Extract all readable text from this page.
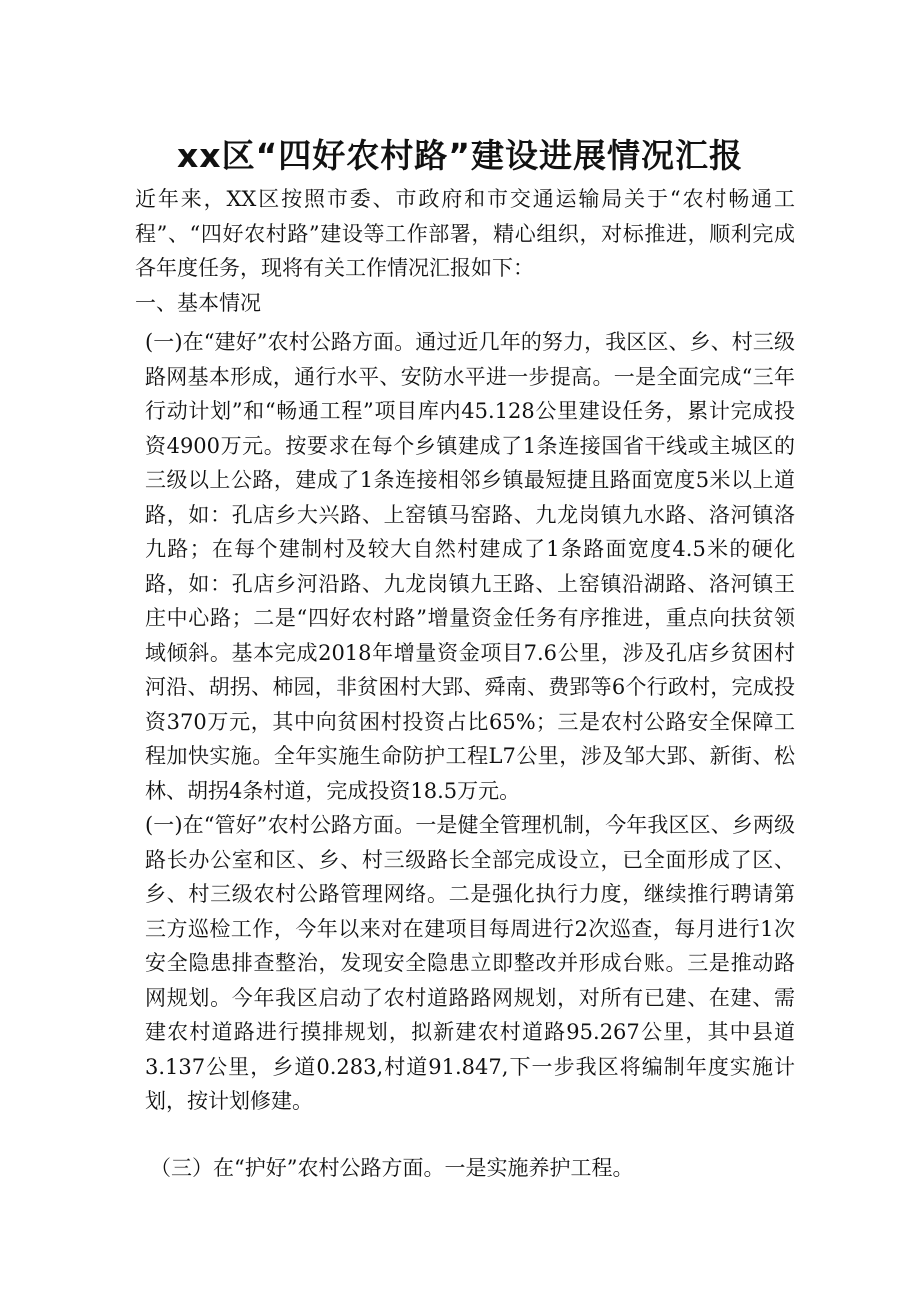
xx区“四好农村路”建设进展情况汇报

近年来，XX区按照市委、市政府和市交通运输局关于“农村畅通工程”、“四好农村路”建设等工作部署，精心组织，对标推进，顺利完成各年度任务，现将有关工作情况汇报如下：

一、基本情况

(一)在“建好”农村公路方面。通过近几年的努力，我区区、乡、村三级路网基本形成，通行水平、安防水平进一步提高。一是全面完成“三年行动计划”和“畅通工程”项目库内45.128公里建设任务，累计完成投资4900万元。按要求在每个乡镇建成了1条连接国省干线或主城区的三级以上公路，建成了1条连接相邻乡镇最短捷且路面宽度5米以上道路，如：孔店乡大兴路、上窑镇马窑路、九龙岗镇九水路、洛河镇洛九路；在每个建制村及较大自然村建成了1条路面宽度4.5米的硬化路，如：孔店乡河沿路、九龙岗镇九王路、上窑镇沿湖路、洛河镇王庄中心路；二是“四好农村路”增量资金任务有序推进，重点向扶贫领域倾斜。基本完成2018年增量资金项目7.6公里，涉及孔店乡贫困村河沿、胡拐、柿园，非贫困村大郢、舜南、费郢等6个行政村，完成投资370万元，其中向贫困村投资占比65%；三是农村公路安全保障工程加快实施。全年实施生命防护工程L7公里，涉及邹大郢、新街、松林、胡拐4条村道，完成投资18.5万元。

(一)在“管好”农村公路方面。一是健全管理机制，今年我区区、乡两级路长办公室和区、乡、村三级路长全部完成设立，已全面形成了区、乡、村三级农村公路管理网络。二是强化执行力度，继续推行聘请第三方巡检工作，今年以来对在建项目每周进行2次巡查，每月进行1次安全隐患排查整治，发现安全隐患立即整改并形成台账。三是推动路网规划。今年我区启动了农村道路路网规划，对所有已建、在建、需建农村道路进行摸排规划，拟新建农村道路95.267公里，其中县道3.137公里，乡道0.283,村道91.847,下一步我区将编制年度实施计划，按计划修建。

（三）在“护好”农村公路方面。一是实施养护工程。
